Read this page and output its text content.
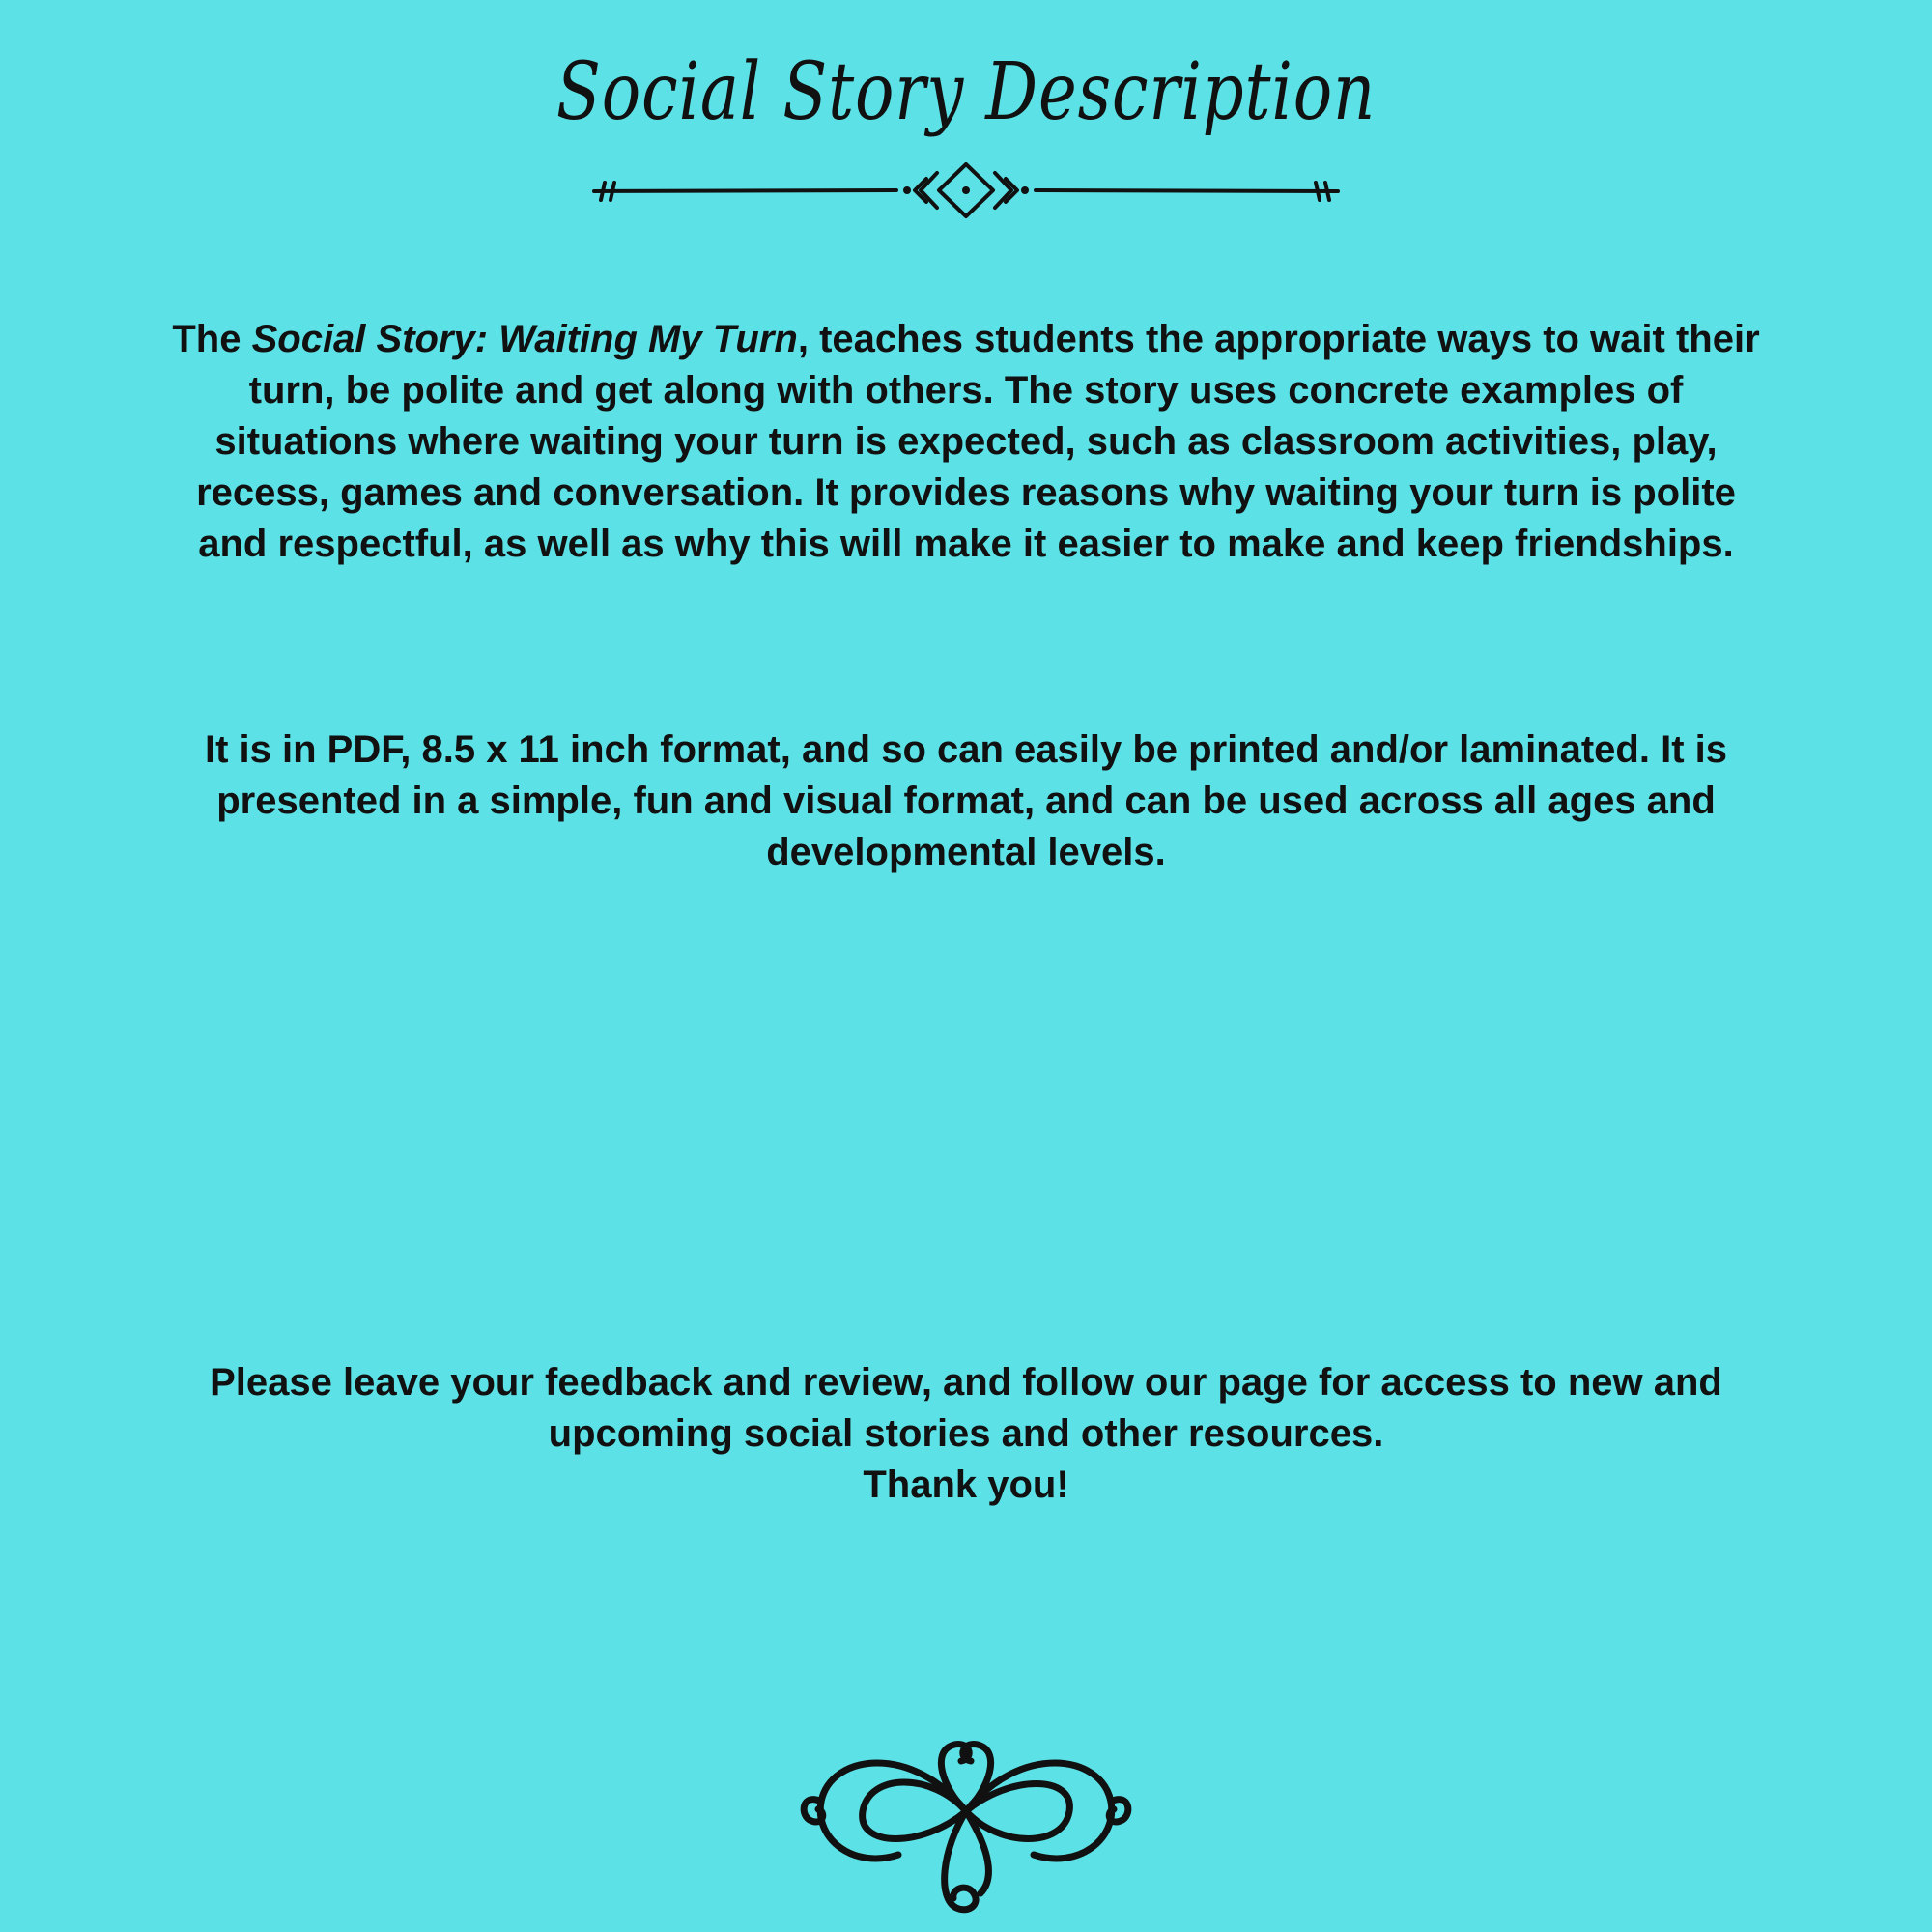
Social Story Description

The Social Story: Waiting My Turn, teaches students the appropriate ways to wait their turn, be polite and get along with others. The story uses concrete examples of situations where waiting your turn is expected, such as classroom activities, play, recess, games and conversation. It provides reasons why waiting your turn is polite and respectful, as well as why this will make it easier to make and keep friendships.

It is in PDF, 8.5 x 11 inch format, and so can easily be printed and/or laminated. It is presented in a simple, fun and visual format, and can be used across all ages and developmental levels.

Please leave your feedback and review, and follow our page for access to new and upcoming social stories and other resources.
Thank you!
